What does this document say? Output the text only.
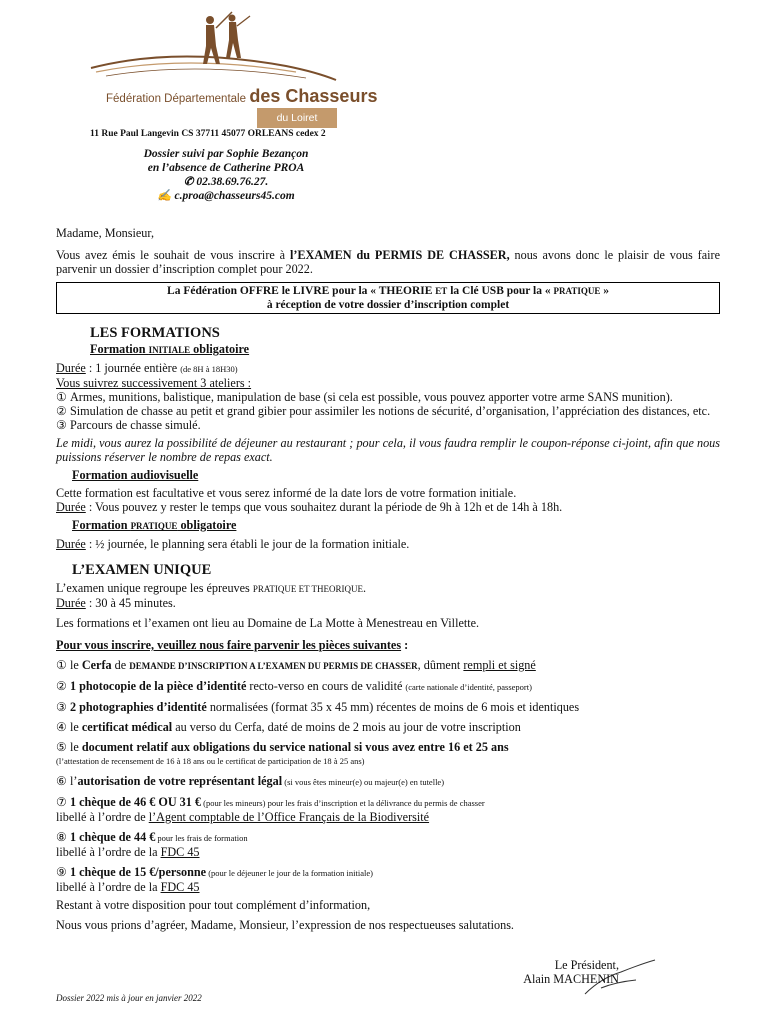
Fédération Départementale des Chasseurs
du Loiret
11 Rue Paul Langevin CS 37711 45077 ORLEANS cedex 2
Dossier suivi par Sophie Bezançon
en l’absence de Catherine PROA
✆ 02.38.69.76.27.
✍ c.proa@chasseurs45.com

Madame, Monsieur,

Vous avez émis le souhait de vous inscrire à l’EXAMEN du PERMIS DE CHASSER, nous avons donc le plaisir de vous faire parvenir un dossier d’inscription complet pour 2022.

La Fédération OFFRE le LIVRE pour la « THEORIE ET la Clé USB pour la « PRATIQUE »
à réception de votre dossier d’inscription complet
LES FORMATIONS
Formation INITIALE obligatoire

Durée : 1 journée entière (de 8H à 18H30)

Vous suivrez successivement 3 ateliers :

① Armes, munitions, balistique, manipulation de base (si cela est possible, vous pouvez apporter votre arme SANS munition).

② Simulation de chasse au petit et grand gibier pour assimiler les notions de sécurité, d’organisation, l’appréciation des distances, etc.

③ Parcours de chasse simulé.

Le midi, vous aurez la possibilité de déjeuner au restaurant ; pour cela, il vous faudra remplir le coupon-réponse ci-joint, afin que nous puissions réserver le nombre de repas exact.

Formation audiovisuelle

Cette formation est facultative et vous serez informé de la date lors de votre formation initiale.

Durée : Vous pouvez y rester le temps que vous souhaitez durant la période de 9h à 12h et de 14h à 18h.

Formation PRATIQUE obligatoire

Durée : ½ journée, le planning sera établi le jour de la formation initiale.

L’EXAMEN UNIQUE

L’examen unique regroupe les épreuves PRATIQUE ET THEORIQUE.

Durée : 30 à 45 minutes.

Les formations et l’examen ont lieu au Domaine de La Motte à Menestreau en Villette.

Pour vous inscrire, veuillez nous faire parvenir les pièces suivantes :

① le Cerfa de DEMANDE D’INSCRIPTION A L’EXAMEN DU PERMIS DE CHASSER, dûment rempli et signé

② 1 photocopie de la pièce d’identité recto-verso en cours de validité (carte nationale d’identité, passeport)

③ 2 photographies d’identité normalisées (format 35 x 45 mm) récentes de moins de 6 mois et identiques

④ le certificat médical au verso du Cerfa, daté de moins de 2 mois au jour de votre inscription

⑤ le document relatif aux obligations du service national si vous avez entre 16 et 25 ans

(l’attestation de recensement de 16 à 18 ans ou le certificat de participation de 18 à 25 ans)

⑥ l’autorisation de votre représentant légal (si vous êtes mineur(e) ou majeur(e) en tutelle)

⑦ 1 chèque de 46 € OU 31 € (pour les mineurs) pour les frais d’inscription et la délivrance du permis de chasser

libellé à l’ordre de l’Agent comptable de l’Office Français de la Biodiversité

⑧ 1 chèque de 44 € pour les frais de formation

libellé à l’ordre de la FDC 45

⑨ 1 chèque de 15 €/personne (pour le déjeuner le jour de la formation initiale)

libellé à l’ordre de la FDC 45

Restant à votre disposition pour tout complément d’information,

Nous vous prions d’agréer, Madame, Monsieur, l’expression de nos respectueuses salutations.

Le Président,
Alain MACHENIN
Dossier 2022 mis à jour en janvier 2022
